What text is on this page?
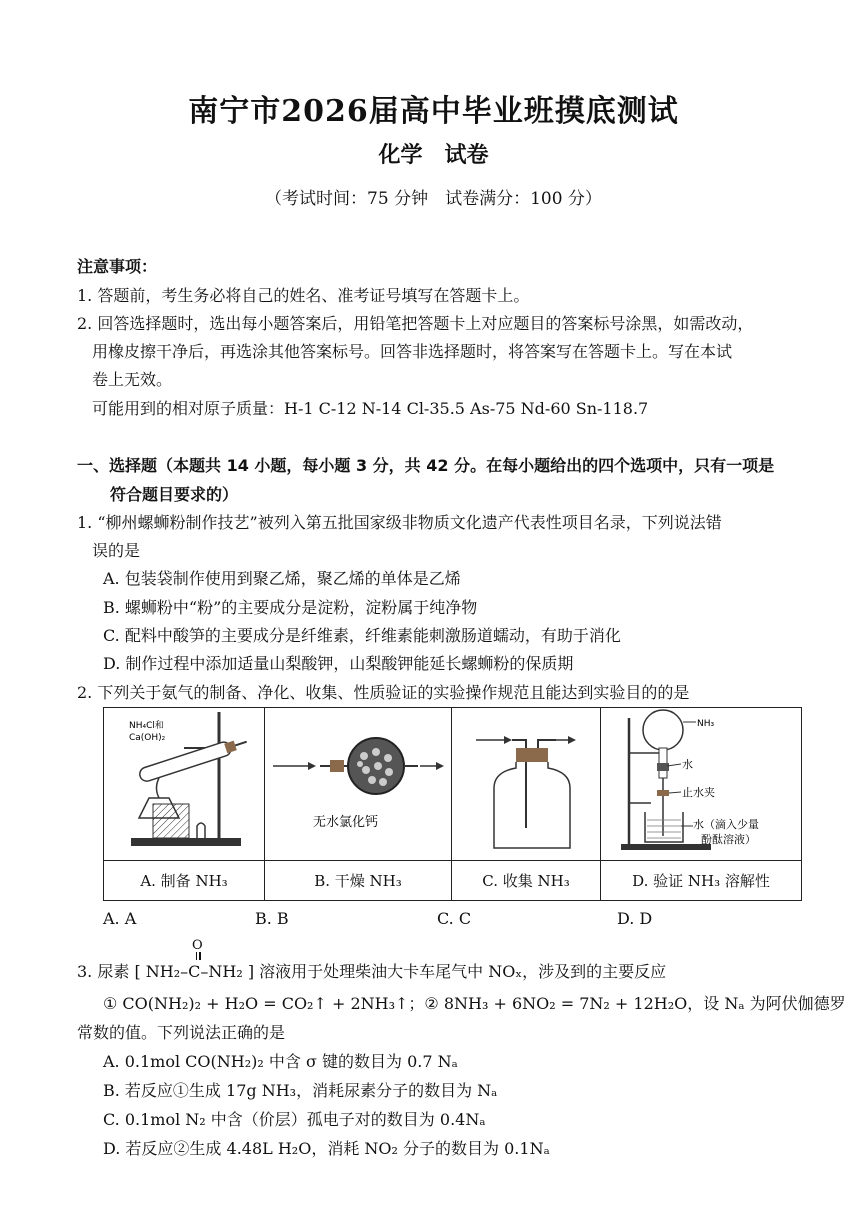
南宁市2026届高中毕业班摸底测试
化学 试卷
（考试时间：75 分钟　试卷满分：100 分）
注意事项：
1. 答题前，考生务必将自己的姓名、准考证号填写在答题卡上。
2. 回答选择题时，选出每小题答案后，用铅笔把答题卡上对应题目的答案标号涂黑，如需改动，
用橡皮擦干净后，再选涂其他答案标号。回答非选择题时，将答案写在答题卡上。写在本试
卷上无效。
可能用到的相对原子质量：H-1 C-12 N-14 Cl-35.5 As-75 Nd-60 Sn-118.7
一、选择题（本题共 14 小题，每小题 3 分，共 42 分。在每小题给出的四个选项中，只有一项是
符合题目要求的）
1. “柳州螺蛳粉制作技艺”被列入第五批国家级非物质文化遗产代表性项目名录，下列说法错
误的是
A. 包装袋制作使用到聚乙烯，聚乙烯的单体是乙烯
B. 螺蛳粉中“粉”的主要成分是淀粉，淀粉属于纯净物
C. 配料中酸笋的主要成分是纤维素，纤维素能刺激肠道蠕动，有助于消化
D. 制作过程中添加适量山梨酸钾，山梨酸钾能延长螺蛳粉的保质期
2. 下列关于氨气的制备、净化、收集、性质验证的实验操作规范且能达到实验目的的是
NH₄Cl和
Ca(OH)₂	无水氯化钙		NH₃
水
止水夹
水（滴入少量
酚酞溶液）

A. 制备 NH₃	B. 干燥 NH₃	C. 收集 NH₃	D. 验证 NH₃ 溶解性
A. A	B. B	C. C	D. D
O
3. 尿素 [ NH₂–C–NH₂ ] 溶液用于处理柴油大卡车尾气中 NOₓ，涉及到的主要反应
① CO(NH₂)₂ + H₂O = CO₂↑ + 2NH₃↑；② 8NH₃ + 6NO₂ = 7N₂ + 12H₂O，设 Nₐ 为阿伏伽德罗
常数的值。下列说法正确的是
A. 0.1mol CO(NH₂)₂ 中含 σ 键的数目为 0.7 Nₐ
B. 若反应①生成 17g NH₃，消耗尿素分子的数目为 Nₐ
C. 0.1mol N₂ 中含（价层）孤电子对的数目为 0.4Nₐ
D. 若反应②生成 4.48L H₂O，消耗 NO₂ 分子的数目为 0.1Nₐ
